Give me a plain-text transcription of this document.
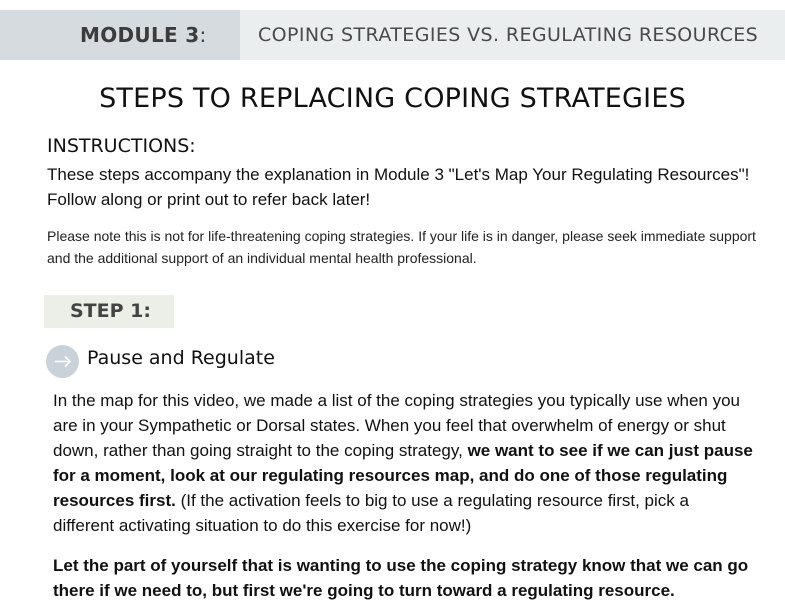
MODULE 3:	COPING STRATEGIES VS. REGULATING RESOURCES
STEPS TO REPLACING COPING STRATEGIES
INSTRUCTIONS:
These steps accompany the explanation in Module 3 "Let's Map Your Regulating Resources"! Follow along or print out to refer back later!
Please note this is not for life-threatening coping strategies. If your life is in danger, please seek immediate support and the additional support of an individual mental health professional.
STEP 1:
Pause and Regulate
In the map for this video, we made a list of the coping strategies you typically use when you are in your Sympathetic or Dorsal states. When you feel that overwhelm of energy or shut down, rather than going straight to the coping strategy, we want to see if we can just pause for a moment, look at our regulating resources map, and do one of those regulating resources first. (If the activation feels to big to use a regulating resource first, pick a different activating situation to do this exercise for now!)
Let the part of yourself that is wanting to use the coping strategy know that we can go there if we need to, but first we're going to turn toward a regulating resource.
